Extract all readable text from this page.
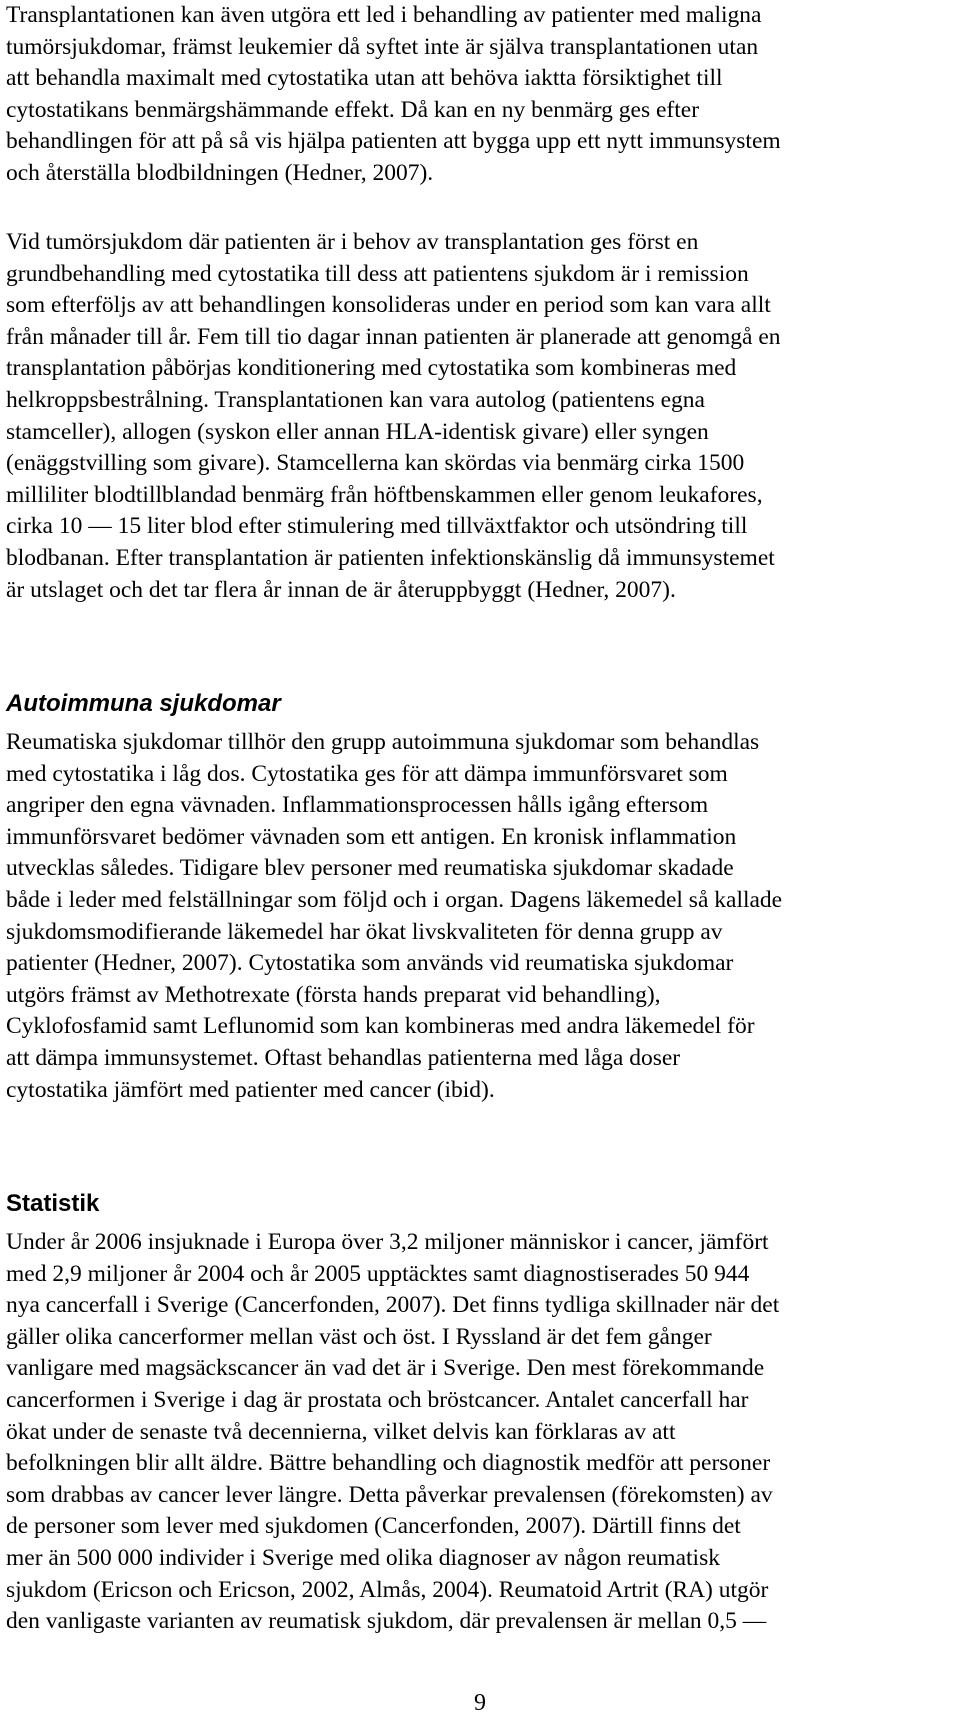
Transplantationen kan även utgöra ett led i behandling av patienter med maligna
tumörsjukdomar, främst leukemier då syftet inte är själva transplantationen utan
att behandla maximalt med cytostatika utan att behöva iaktta försiktighet till
cytostatikans benmärgshämmande effekt. Då kan en ny benmärg ges efter
behandlingen för att på så vis hjälpa patienten att bygga upp ett nytt immunsystem
och återställa blodbildningen (Hedner, 2007).

Vid tumörsjukdom där patienten är i behov av transplantation ges först en
grundbehandling med cytostatika till dess att patientens sjukdom är i remission
som efterföljs av att behandlingen konsolideras under en period som kan vara allt
från månader till år. Fem till tio dagar innan patienten är planerade att genomgå en
transplantation påbörjas konditionering med cytostatika som kombineras med
helkroppsbestrålning. Transplantationen kan vara autolog (patientens egna
stamceller), allogen (syskon eller annan HLA-identisk givare) eller syngen
(enäggstvilling som givare). Stamcellerna kan skördas via benmärg cirka 1500
milliliter blodtillblandad benmärg från höftbenskammen eller genom leukafores,
cirka 10 — 15 liter blod efter stimulering med tillväxtfaktor och utsöndring till
blodbanan. Efter transplantation är patienten infektionskänslig då immunsystemet
är utslaget och det tar flera år innan de är återuppbyggt (Hedner, 2007).

Autoimmuna sjukdomar

Reumatiska sjukdomar tillhör den grupp autoimmuna sjukdomar som behandlas
med cytostatika i låg dos. Cytostatika ges för att dämpa immunförsvaret som
angriper den egna vävnaden. Inflammationsprocessen hålls igång eftersom
immunförsvaret bedömer vävnaden som ett antigen. En kronisk inflammation
utvecklas således. Tidigare blev personer med reumatiska sjukdomar skadade
både i leder med felställningar som följd och i organ. Dagens läkemedel så kallade
sjukdomsmodifierande läkemedel har ökat livskvaliteten för denna grupp av
patienter (Hedner, 2007). Cytostatika som används vid reumatiska sjukdomar
utgörs främst av Methotrexate (första hands preparat vid behandling),
Cyklofosfamid samt Leflunomid som kan kombineras med andra läkemedel för
att dämpa immunsystemet. Oftast behandlas patienterna med låga doser
cytostatika jämfört med patienter med cancer (ibid).

Statistik

Under år 2006 insjuknade i Europa över 3,2 miljoner människor i cancer, jämfört
med 2,9 miljoner år 2004 och år 2005 upptäcktes samt diagnostiserades 50 944
nya cancerfall i Sverige (Cancerfonden, 2007). Det finns tydliga skillnader när det
gäller olika cancerformer mellan väst och öst. I Ryssland är det fem gånger
vanligare med magsäckscancer än vad det är i Sverige. Den mest förekommande
cancerformen i Sverige i dag är prostata och bröstcancer. Antalet cancerfall har
ökat under de senaste två decennierna, vilket delvis kan förklaras av att
befolkningen blir allt äldre. Bättre behandling och diagnostik medför att personer
som drabbas av cancer lever längre. Detta påverkar prevalensen (förekomsten) av
de personer som lever med sjukdomen (Cancerfonden, 2007). Därtill finns det
mer än 500 000 individer i Sverige med olika diagnoser av någon reumatisk
sjukdom (Ericson och Ericson, 2002, Almås, 2004). Reumatoid Artrit (RA) utgör
den vanligaste varianten av reumatisk sjukdom, där prevalensen är mellan 0,5 —

9
